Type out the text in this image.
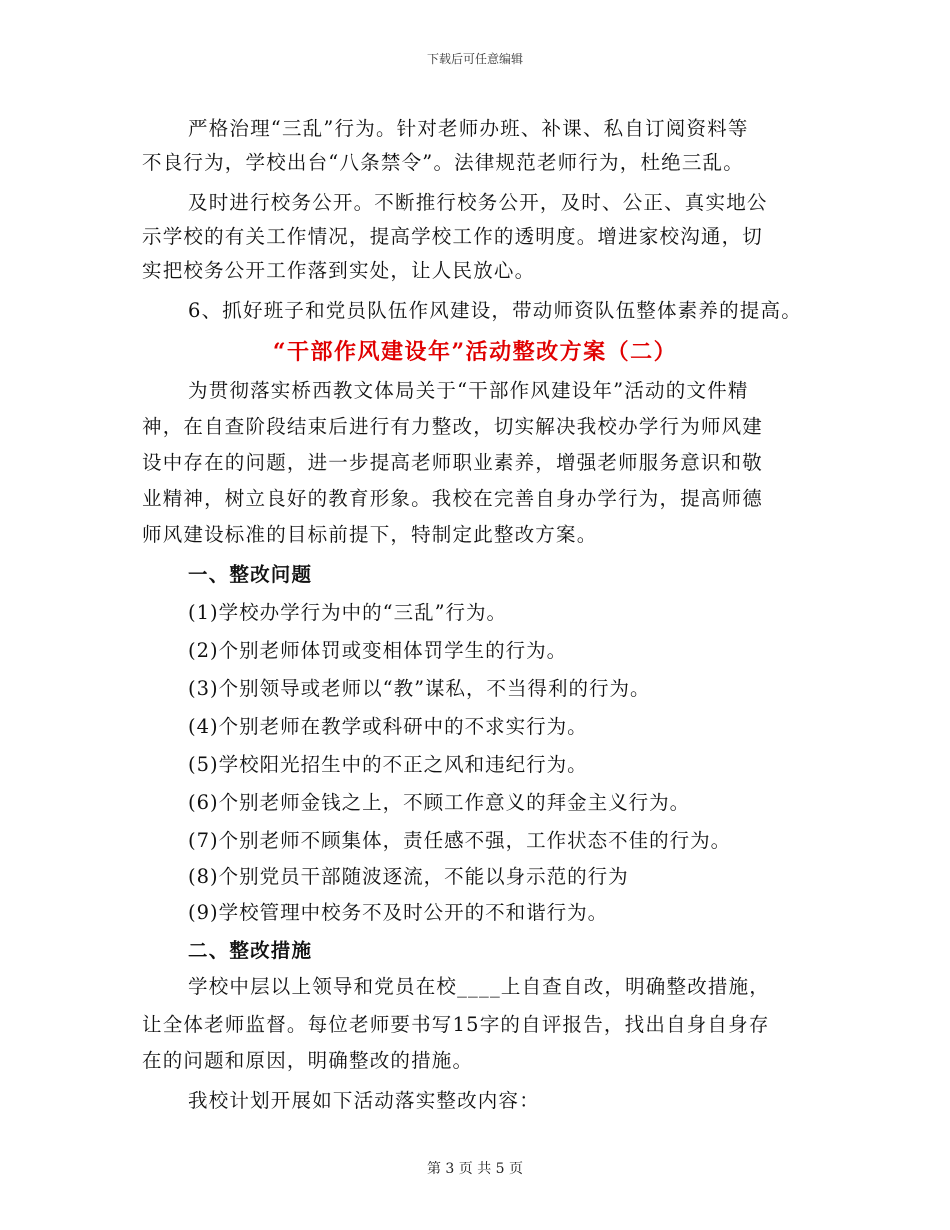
下载后可任意编辑
严格治理“三乱”行为。针对老师办班、补课、私自订阅资料等
不良行为，学校出台“八条禁令”。法律规范老师行为，杜绝三乱。
及时进行校务公开。不断推行校务公开，及时、公正、真实地公
示学校的有关工作情况，提高学校工作的透明度。增进家校沟通，切
实把校务公开工作落到实处，让人民放心。
6、抓好班子和党员队伍作风建设，带动师资队伍整体素养的提高。
“干部作风建设年”活动整改方案（二）
为贯彻落实桥西教文体局关于“干部作风建设年”活动的文件精
神，在自查阶段结束后进行有力整改，切实解决我校办学行为师风建
设中存在的问题，进一步提高老师职业素养，增强老师服务意识和敬
业精神，树立良好的教育形象。我校在完善自身办学行为，提高师德
师风建设标准的目标前提下，特制定此整改方案。
一、整改问题
(1)学校办学行为中的“三乱”行为。
(2)个别老师体罚或变相体罚学生的行为。
(3)个别领导或老师以“教”谋私，不当得利的行为。
(4)个别老师在教学或科研中的不求实行为。
(5)学校阳光招生中的不正之风和违纪行为。
(6)个别老师金钱之上，不顾工作意义的拜金主义行为。
(7)个别老师不顾集体，责任感不强，工作状态不佳的行为。
(8)个别党员干部随波逐流，不能以身示范的行为
(9)学校管理中校务不及时公开的不和谐行为。
二、整改措施
学校中层以上领导和党员在校____上自查自改，明确整改措施，
让全体老师监督。每位老师要书写15字的自评报告，找出自身自身存
在的问题和原因，明确整改的措施。
我校计划开展如下活动落实整改内容：
第 3 页 共 5 页
